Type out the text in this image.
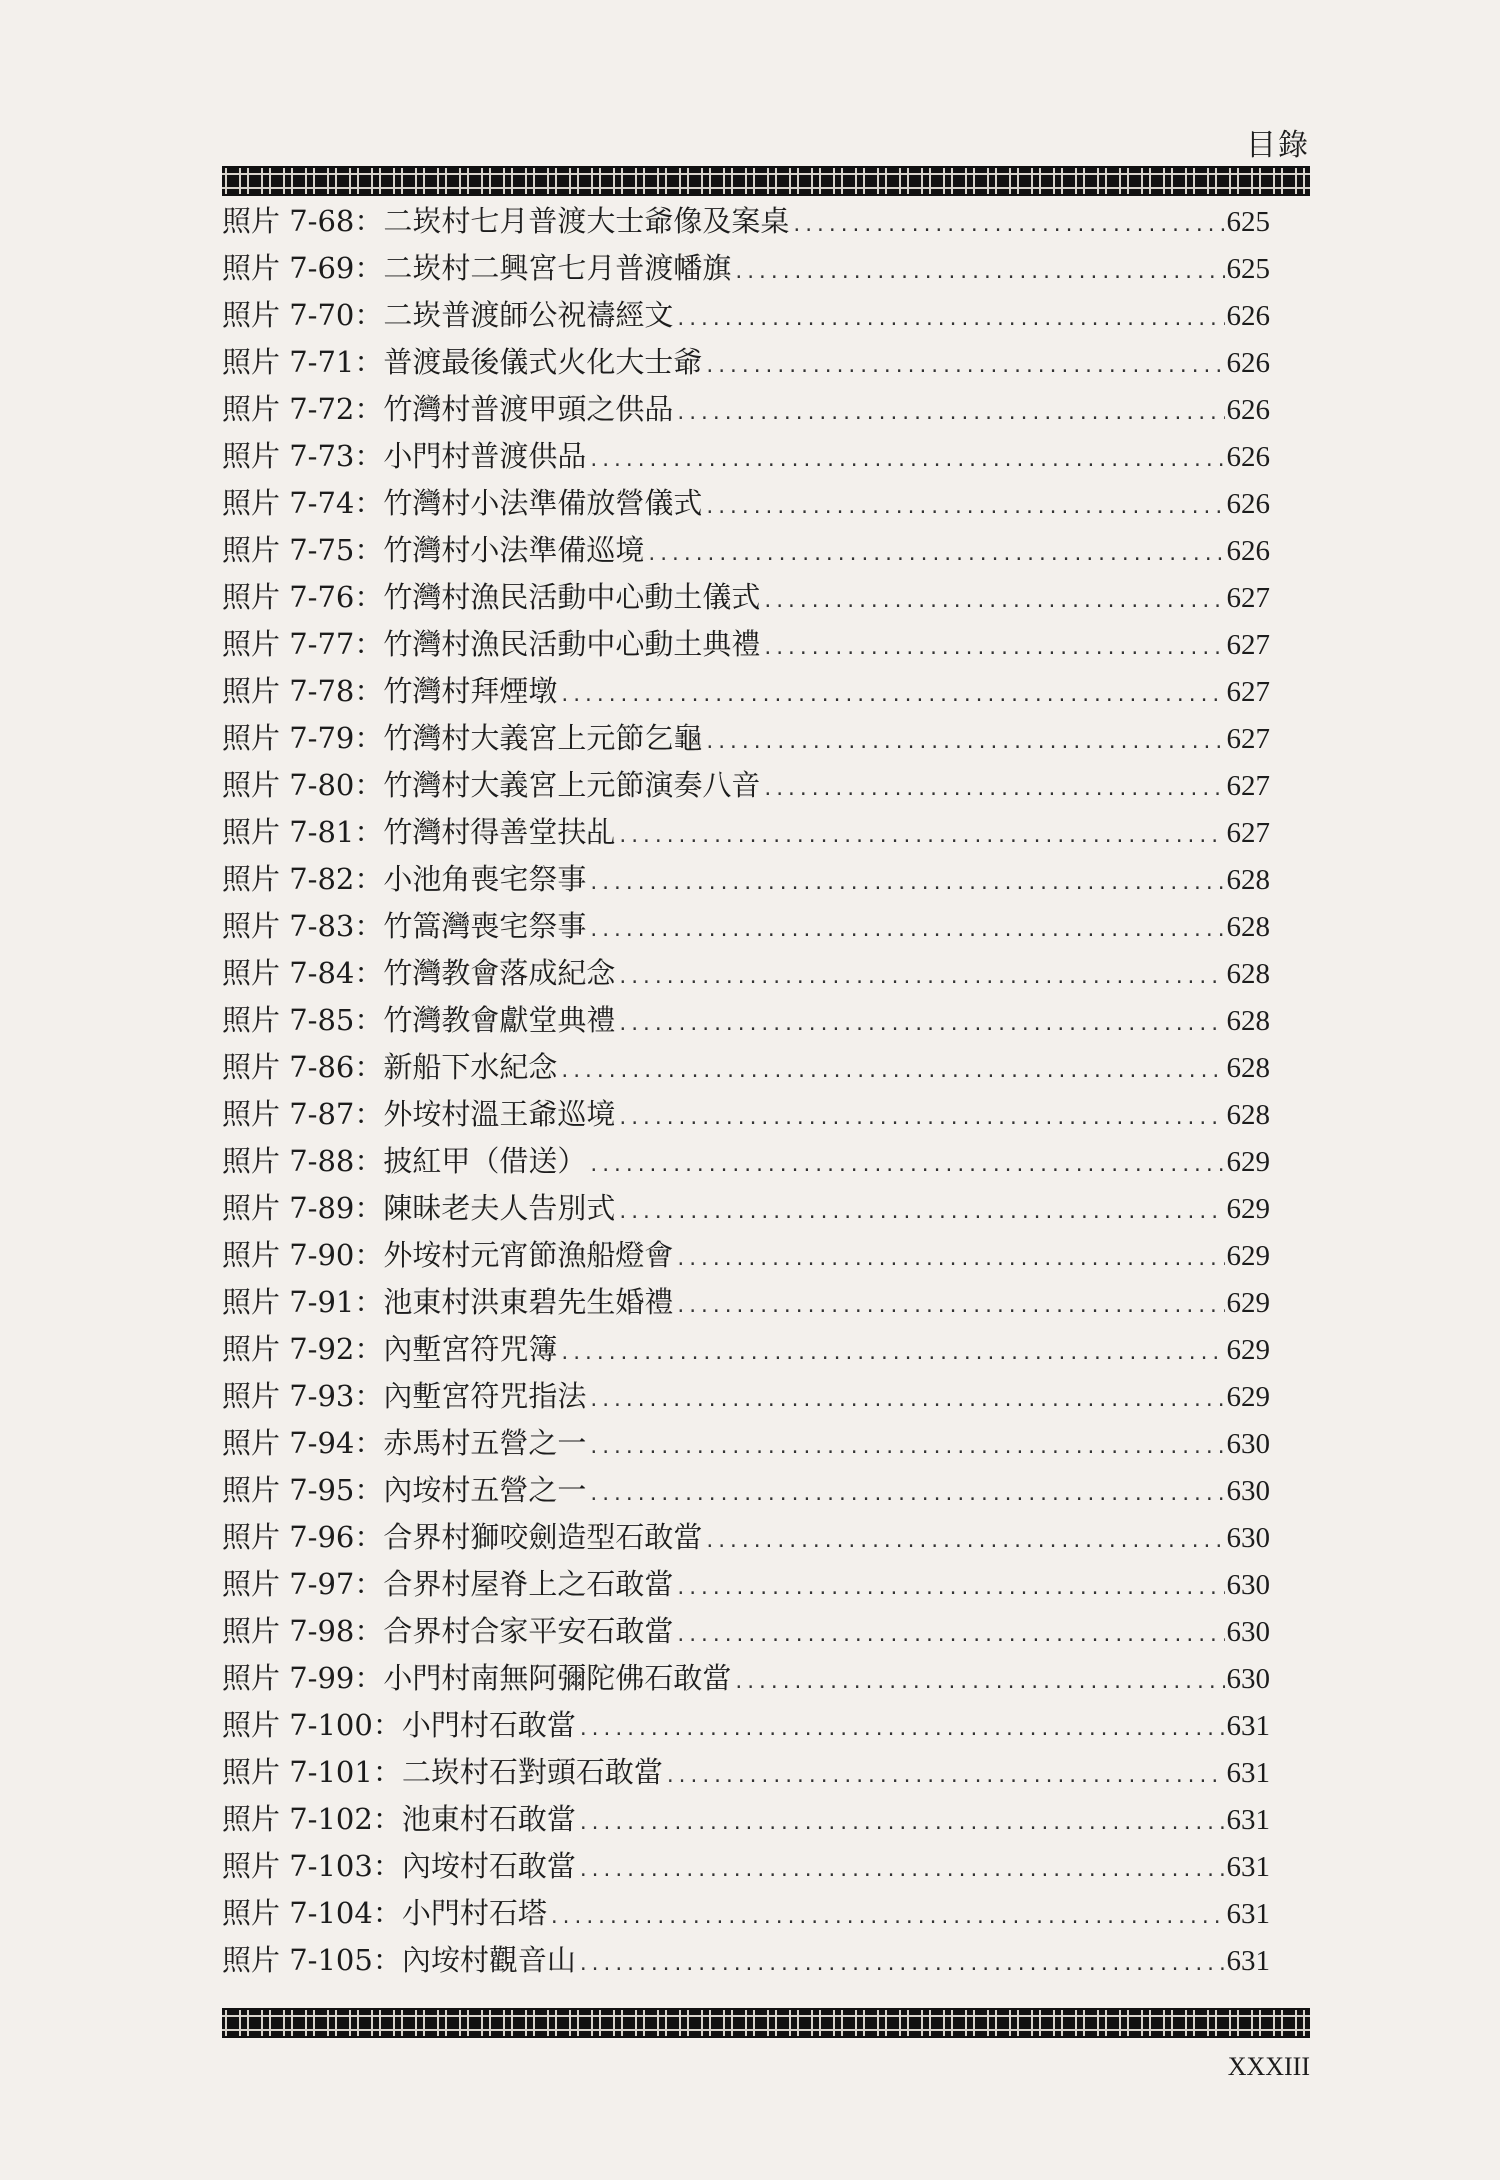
目錄
照片 7-68：二崁村七月普渡大士爺像及案桌 .....	625
照片 7-69：二崁村二興宮七月普渡幡旗 .....	625
照片 7-70：二崁普渡師公祝禱經文 .....	626
照片 7-71：普渡最後儀式火化大士爺 .....	626
照片 7-72：竹灣村普渡甲頭之供品 .....	626
照片 7-73：小門村普渡供品 .....	626
照片 7-74：竹灣村小法準備放營儀式 .....	626
照片 7-75：竹灣村小法準備巡境 .....	626
照片 7-76：竹灣村漁民活動中心動土儀式 .....	627
照片 7-77：竹灣村漁民活動中心動土典禮 .....	627
照片 7-78：竹灣村拜煙墩 .....	627
照片 7-79：竹灣村大義宮上元節乞龜 .....	627
照片 7-80：竹灣村大義宮上元節演奏八音 .....	627
照片 7-81：竹灣村得善堂扶乩 .....	627
照片 7-82：小池角喪宅祭事 .....	628
照片 7-83：竹篙灣喪宅祭事 .....	628
照片 7-84：竹灣教會落成紀念 .....	628
照片 7-85：竹灣教會獻堂典禮 .....	628
照片 7-86：新船下水紀念 .....	628
照片 7-87：外垵村溫王爺巡境 .....	628
照片 7-88：披紅甲（借送） .....	629
照片 7-89：陳昧老夫人告別式 .....	629
照片 7-90：外垵村元宵節漁船燈會 .....	629
照片 7-91：池東村洪東碧先生婚禮 .....	629
照片 7-92：內塹宮符咒簿 .....	629
照片 7-93：內塹宮符咒指法 .....	629
照片 7-94：赤馬村五營之一 .....	630
照片 7-95：內垵村五營之一 .....	630
照片 7-96：合界村獅咬劍造型石敢當 .....	630
照片 7-97：合界村屋脊上之石敢當 .....	630
照片 7-98：合界村合家平安石敢當 .....	630
照片 7-99：小門村南無阿彌陀佛石敢當 .....	630
照片 7-100：小門村石敢當 .....	631
照片 7-101：二崁村石對頭石敢當 .....	631
照片 7-102：池東村石敢當 .....	631
照片 7-103：內垵村石敢當 .....	631
照片 7-104：小門村石塔 .....	631
照片 7-105：內垵村觀音山 .....	631
XXXIII
